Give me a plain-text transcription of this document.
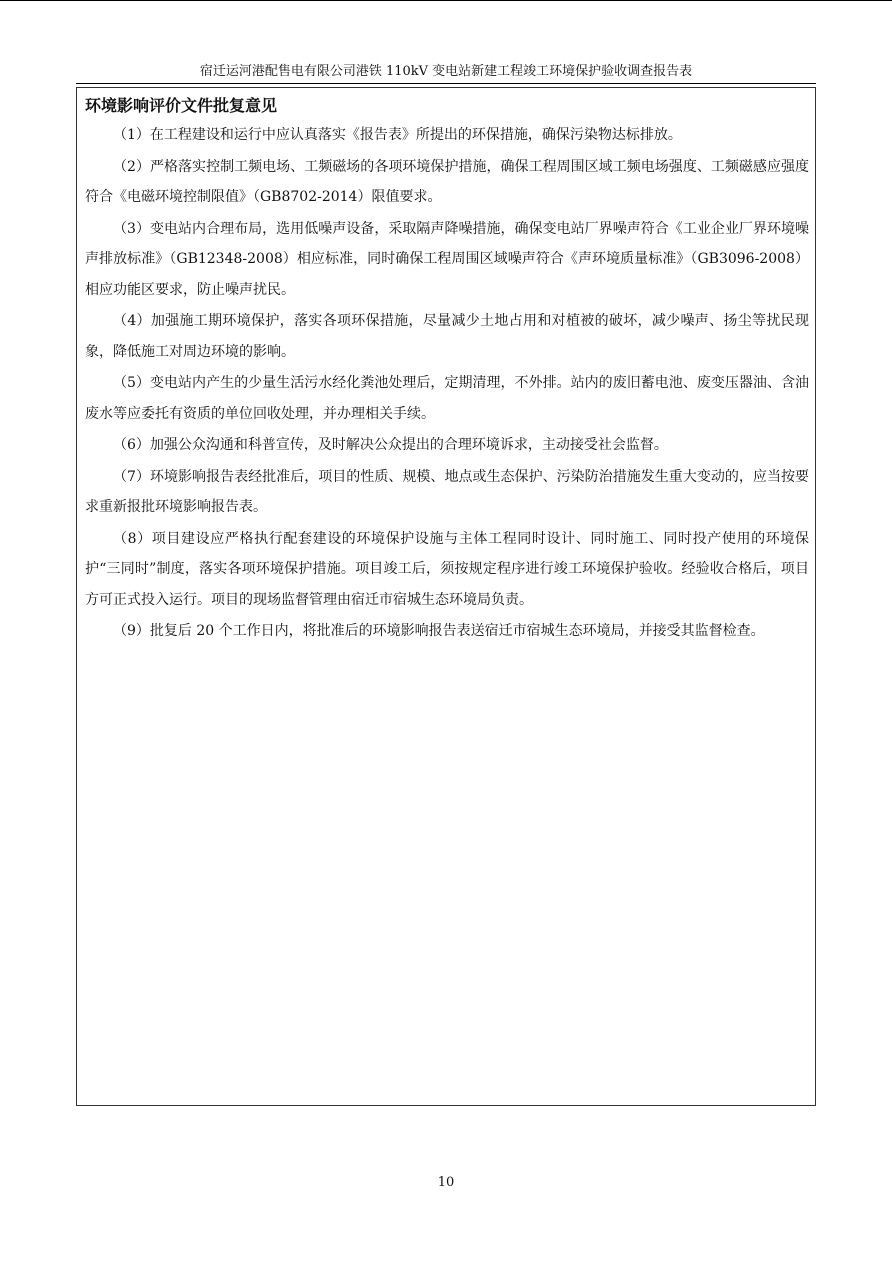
宿迁运河港配售电有限公司港铁 110kV 变电站新建工程竣工环境保护验收调查报告表
环境影响评价文件批复意见

（1）在工程建设和运行中应认真落实《报告表》所提出的环保措施，确保污染物达标排放。

（2）严格落实控制工频电场、工频磁场的各项环境保护措施，确保工程周围区域工频电场强度、工频磁感应强度符合《电磁环境控制限值》（GB8702-2014）限值要求。

（3）变电站内合理布局，选用低噪声设备，采取隔声降噪措施，确保变电站厂界噪声符合《工业企业厂界环境噪声排放标准》（GB12348-2008）相应标准，同时确保工程周围区域噪声符合《声环境质量标准》（GB3096-2008）相应功能区要求，防止噪声扰民。

（4）加强施工期环境保护，落实各项环保措施，尽量减少土地占用和对植被的破坏，减少噪声、扬尘等扰民现象，降低施工对周边环境的影响。

（5）变电站内产生的少量生活污水经化粪池处理后，定期清理，不外排。站内的废旧蓄电池、废变压器油、含油废水等应委托有资质的单位回收处理，并办理相关手续。

（6）加强公众沟通和科普宣传，及时解决公众提出的合理环境诉求，主动接受社会监督。

（7）环境影响报告表经批准后，项目的性质、规模、地点或生态保护、污染防治措施发生重大变动的，应当按要求重新报批环境影响报告表。

（8）项目建设应严格执行配套建设的环境保护设施与主体工程同时设计、同时施工、同时投产使用的环境保护“三同时”制度，落实各项环境保护措施。项目竣工后，须按规定程序进行竣工环境保护验收。经验收合格后，项目方可正式投入运行。项目的现场监督管理由宿迁市宿城生态环境局负责。

（9）批复后 20 个工作日内，将批准后的环境影响报告表送宿迁市宿城生态环境局，并接受其监督检查。

10
